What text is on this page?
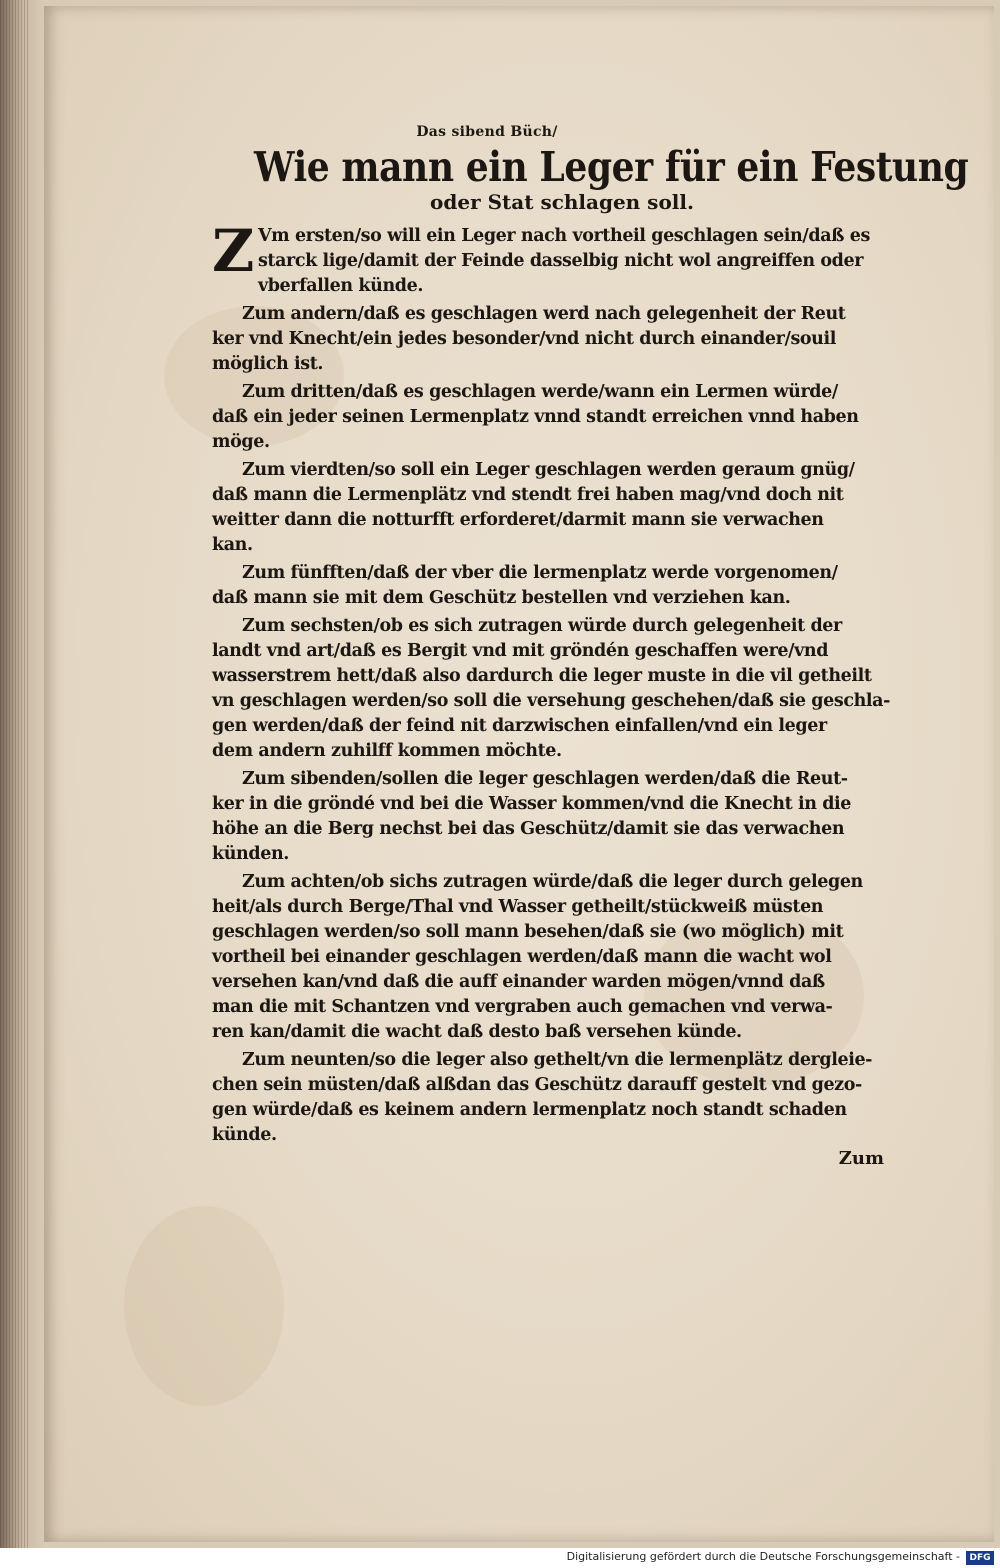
Das sibend Büch/
Wie mann ein Leger für ein Festung
oder Stat schlagen soll.
Z Vm ersten/so will ein Leger nach vortheil geschlagen sein/daß es
starck lige/damit der Feinde dasselbig nicht wol angreiffen oder
vberfallen künde.
Zum andern/daß es geschlagen werd nach gelegenheit der Reut
ker vnd Knecht/ein jedes besonder/vnd nicht durch einander/souil
möglich ist.
Zum dritten/daß es geschlagen werde/wann ein Lermen würde/
daß ein jeder seinen Lermenplatz vnnd standt erreichen vnnd haben
möge.
Zum vierdten/so soll ein Leger geschlagen werden geraum gnüg/
daß mann die Lermenplätz vnd stendt frei haben mag/vnd doch nit
weitter dann die notturfft erforderet/darmit mann sie verwachen
kan.
Zum fünfften/daß der vber die lermenplatz werde vorgenomen/
daß mann sie mit dem Geschütz bestellen vnd verziehen kan.
Zum sechsten/ob es sich zutragen würde durch gelegenheit der
landt vnd art/daß es Bergit vnd mit gröndén geschaffen were/vnd
wasserstrem hett/daß also dardurch die leger muste in die vil getheilt
vn geschlagen werden/so soll die versehung geschehen/daß sie geschla-
gen werden/daß der feind nit darzwischen einfallen/vnd ein leger
dem andern zuhilff kommen möchte.
Zum sibenden/sollen die leger geschlagen werden/daß die Reut-
ker in die gröndé vnd bei die Wasser kommen/vnd die Knecht in die
höhe an die Berg nechst bei das Geschütz/damit sie das verwachen
künden.
Zum achten/ob sichs zutragen würde/daß die leger durch gelegen
heit/als durch Berge/Thal vnd Wasser getheilt/stückweiß müsten
geschlagen werden/so soll mann besehen/daß sie (wo möglich) mit
vortheil bei einander geschlagen werden/daß mann die wacht wol
versehen kan/vnd daß die auff einander warden mögen/vnnd daß
man die mit Schantzen vnd vergraben auch gemachen vnd verwa-
ren kan/damit die wacht daß desto baß versehen künde.
Zum neunten/so die leger also gethelt/vn die lermenplätz dergleie-
chen sein müsten/daß alßdan das Geschütz darauff gestelt vnd gezo-
gen würde/daß es keinem andern lermenplatz noch standt schaden
künde.
Zum
Digitalisierung gefördert durch die Deutsche Forschungsgemeinschaft -	DFG
